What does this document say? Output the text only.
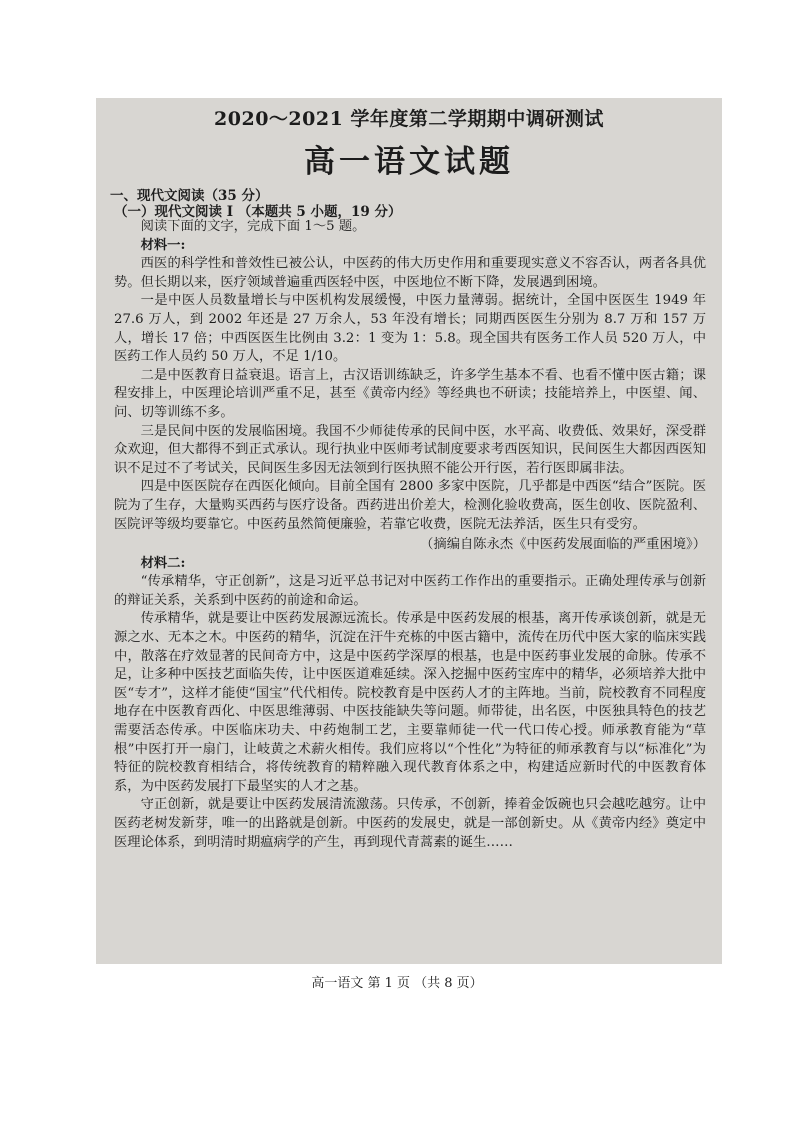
2020～2021 学年度第二学期期中调研测试
高一语文试题
一、现代文阅读（35 分）
（一）现代文阅读 I （本题共 5 小题，19 分）

阅读下面的文字，完成下面 1～5 题。

材料一:

西医的科学性和普效性已被公认，中医药的伟大历史作用和重要现实意义不容否认，两者各具优势。但长期以来，医疗领域普遍重西医轻中医，中医地位不断下降，发展遇到困境。

一是中医人员数量增长与中医机构发展缓慢，中医力量薄弱。据统计，全国中医医生 1949 年 27.6 万人，到 2002 年还是 27 万余人，53 年没有增长；同期西医医生分别为 8.7 万和 157 万人，增长 17 倍；中西医医生比例由 3.2：1 变为 1：5.8。现全国共有医务工作人员 520 万人，中医药工作人员约 50 万人，不足 1/10。

二是中医教育日益衰退。语言上，古汉语训练缺乏，许多学生基本不看、也看不懂中医古籍；课程安排上，中医理论培训严重不足，甚至《黄帝内经》等经典也不研读；技能培养上，中医望、闻、问、切等训练不多。

三是民间中医的发展临困境。我国不少师徒传承的民间中医，水平高、收费低、效果好，深受群众欢迎，但大都得不到正式承认。现行执业中医师考试制度要求考西医知识，民间医生大都因西医知识不足过不了考试关，民间医生多因无法领到行医执照不能公开行医，若行医即属非法。

四是中医医院存在西医化倾向。目前全国有 2800 多家中医院，几乎都是中西医“结合”医院。医院为了生存，大量购买西药与医疗设备。西药进出价差大，检测化验收费高，医生创收、医院盈利、医院评等级均要靠它。中医药虽然简便廉验，若靠它收费，医院无法养活，医生只有受穷。

（摘编自陈永杰《中医药发展面临的严重困境》）

材料二:

“传承精华，守正创新”，这是习近平总书记对中医药工作作出的重要指示。正确处理传承与创新的辩证关系，关系到中医药的前途和命运。

传承精华，就是要让中医药发展源远流长。传承是中医药发展的根基，离开传承谈创新，就是无源之水、无本之木。中医药的精华，沉淀在汗牛充栋的中医古籍中，流传在历代中医大家的临床实践中，散落在疗效显著的民间奇方中，这是中医药学深厚的根基，也是中医药事业发展的命脉。传承不足，让多种中医技艺面临失传，让中医医道难延续。深入挖掘中医药宝库中的精华，必须培养大批中医“专才”，这样才能使“国宝”代代相传。院校教育是中医药人才的主阵地。当前，院校教育不同程度地存在中医教育西化、中医思维薄弱、中医技能缺失等问题。师带徒，出名医，中医独具特色的技艺需要活态传承。中医临床功夫、中药炮制工艺，主要靠师徒一代一代口传心授。师承教育能为“草根”中医打开一扇门，让岐黄之术薪火相传。我们应将以“个性化”为特征的师承教育与以“标准化”为特征的院校教育相结合，将传统教育的精粹融入现代教育体系之中，构建适应新时代的中医教育体系，为中医药发展打下最坚实的人才之基。

守正创新，就是要让中医药发展清流激荡。只传承，不创新，捧着金饭碗也只会越吃越穷。让中医药老树发新芽，唯一的出路就是创新。中医药的发展史，就是一部创新史。从《黄帝内经》奠定中医理论体系，到明清时期瘟病学的产生，再到现代青蒿素的诞生……

高一语文 第 1 页 （共 8 页）
